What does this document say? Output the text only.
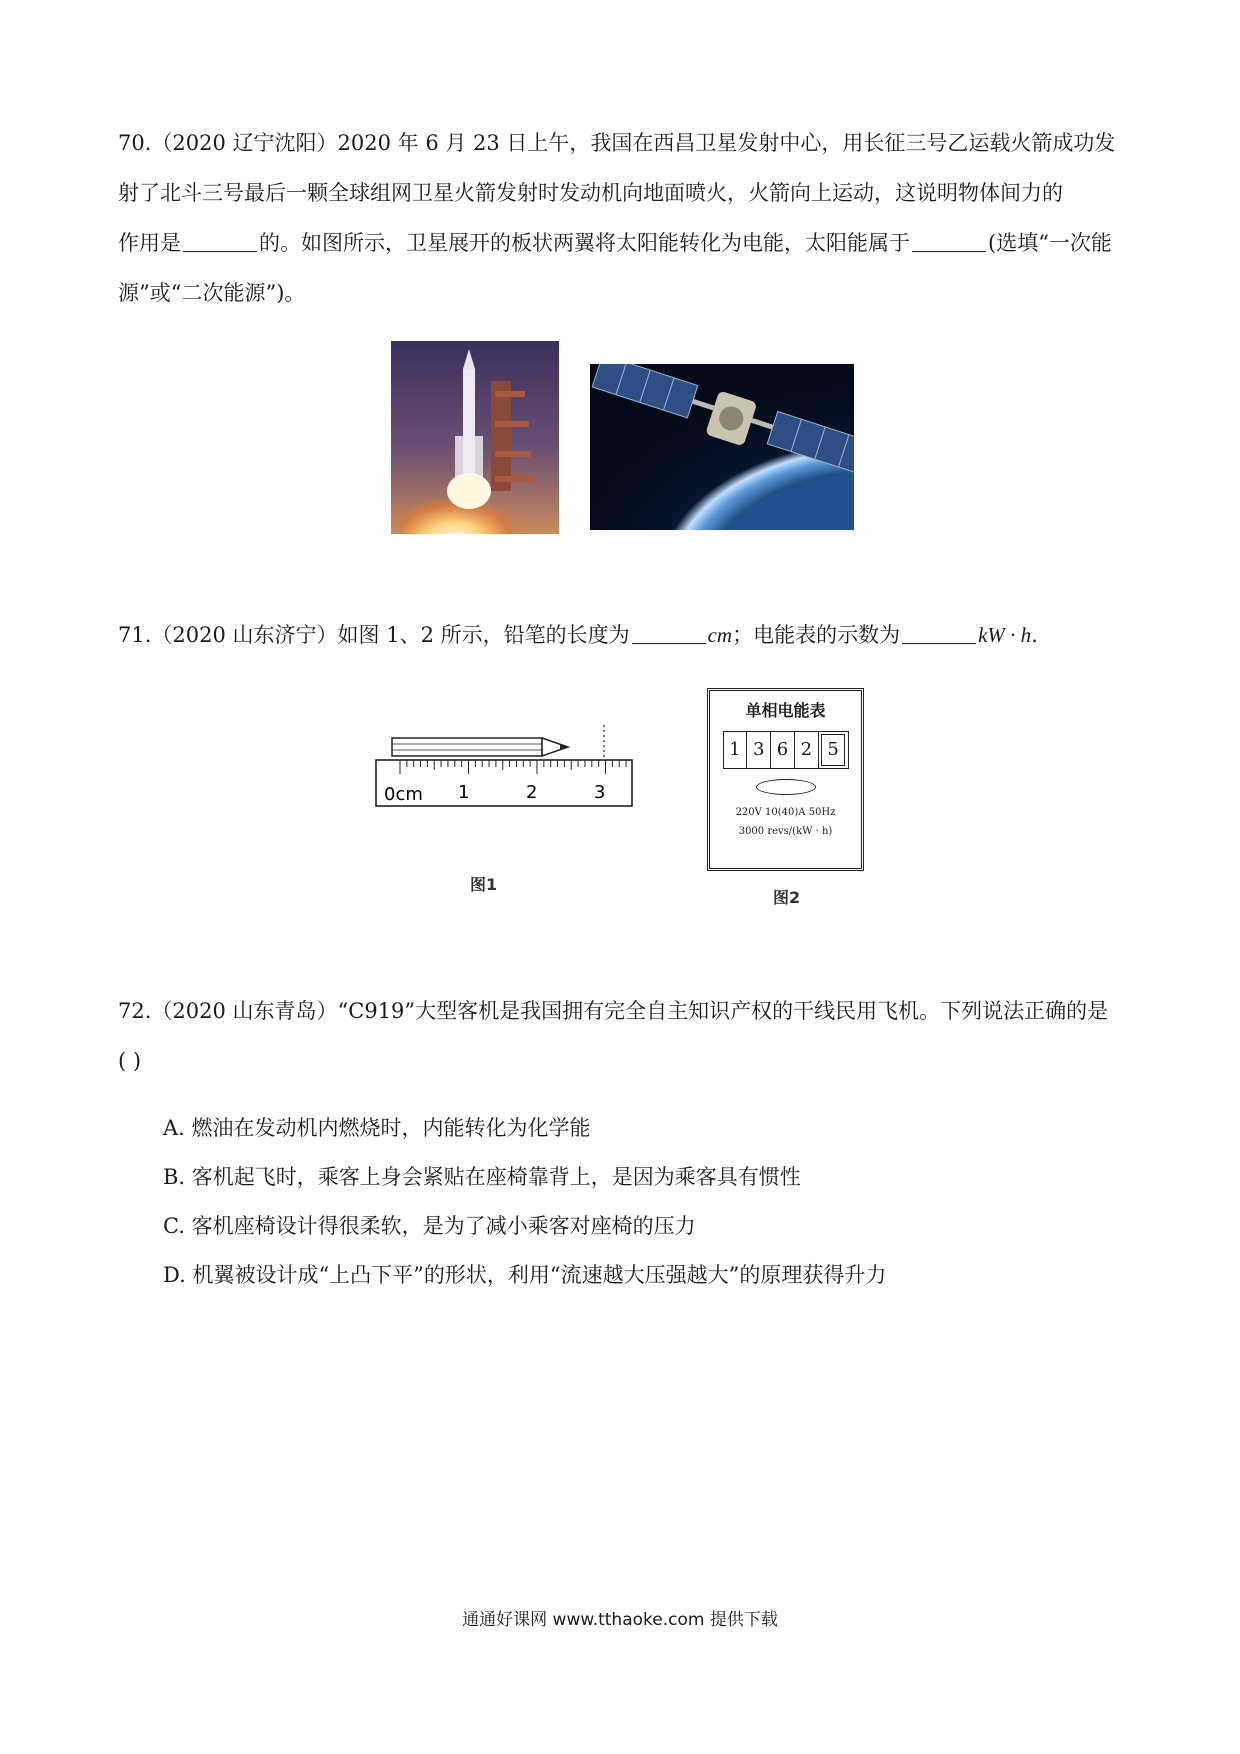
70.（2020 辽宁沈阳）2020 年 6 月 23 日上午，我国在西昌卫星发射中心，用长征三号乙运载火箭成功发
射了北斗三号最后一颗全球组网卫星火箭发射时发动机向地面喷火，火箭向上运动，这说明物体间力的
作用是	的。如图所示，卫星展开的板状两翼将太阳能转化为电能，太阳能属于	(选填“一次能
源”或“二次能源”)。
71.（2020 山东济宁）如图 1、2 所示，铅笔的长度为	cm；电能表的示数为	kW · h.
0cm 1	2	3
图1
单相电能表
1 3 6 2 5
220V 10(40)A 50Hz
3000 revs/(kW · h)
图2
72.（2020 山东青岛）“C919”大型客机是我国拥有完全自主知识产权的干线民用飞机。下列说法正确的是
( )
A. 燃油在发动机内燃烧时，内能转化为化学能
B. 客机起飞时，乘客上身会紧贴在座椅靠背上，是因为乘客具有惯性
C. 客机座椅设计得很柔软，是为了减小乘客对座椅的压力
D. 机翼被设计成“上凸下平”的形状，利用“流速越大压强越大”的原理获得升力
通通好课网 www.tthaoke.com 提供下载
